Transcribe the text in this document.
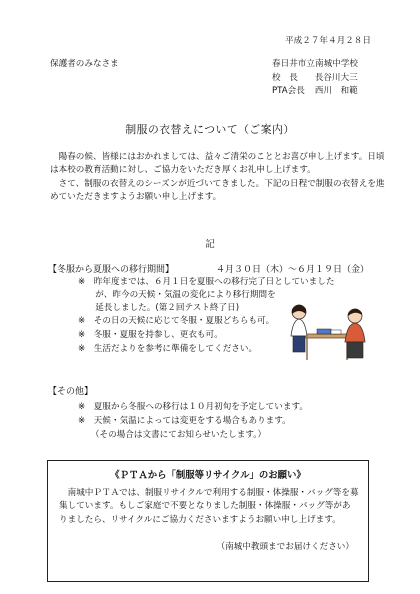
平成２７年４月２８日
保護者のみなさま	春日井市立南城中学校
校　長 長谷川大三
PTA会長 西川　和範
制服の衣替えについて（ご案内）

陽春の候、皆様にはおかれましては、益々ご清栄のこととお喜び申し上げます。日頃は本校の教育活動に対し、ご協力をいただき厚くお礼申し上げます。

さて、制服の衣替えのシーズンが近づいてきました。下記の日程で制服の衣替えを進めていただきますようお願い申し上げます。

記
【冬服から夏服への移行期間】	４月３０日（木）～６月１９日（金）
※　昨年度までは、６月１日を夏服への移行完了日としていました
　　が、昨今の天候・気温の変化により移行期間を
　　延長しました。(第２回テスト終了日)
※　その日の天候に応じて冬服・夏服どちらも可。
※　冬服・夏服を持参し、更衣も可。
※　生活だよりを参考に準備をしてください。
【その他】
※　夏服から冬服への移行は１０月初旬を予定しています。
※　天候・気温によっては変更をする場合もあります。
　　（その場合は文書にてお知らせいたします。）
《ＰＴＡから「制服等リサイクル」のお願い》

南城中ＰＴＡでは、制服リサイクルで利用する制服・体操服・バッグ等を募集しています。もしご家庭で不要となりました制服・体操服・バッグ等がありましたら、リサイクルにご協力くださいますようお願い申し上げます。

（南城中教頭までお届けください）
